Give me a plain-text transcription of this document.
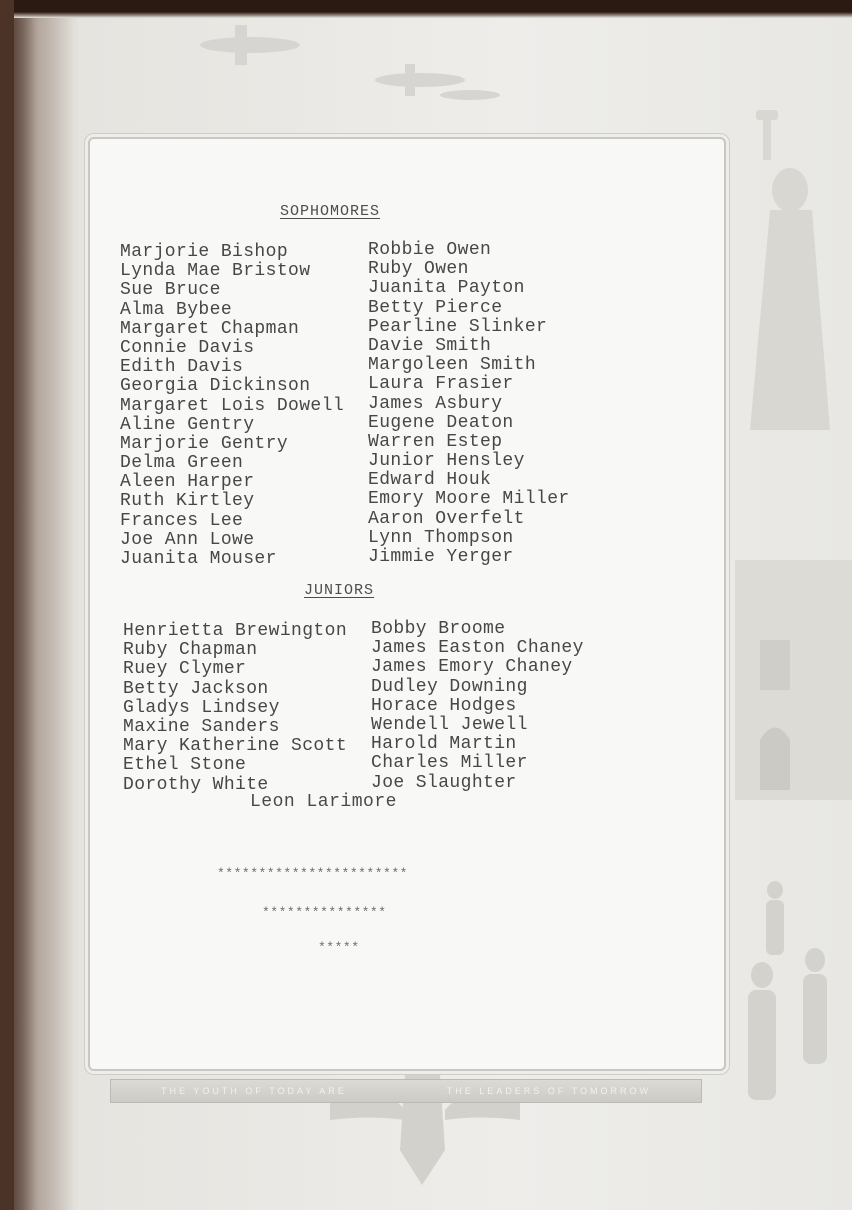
THE YOUTH OF TODAY ARE	THE LEADERS OF TOMORROW
SOPHOMORES
Marjorie Bishop
Lynda Mae Bristow
Sue Bruce
Alma Bybee
Margaret Chapman
Connie Davis
Edith Davis
Georgia Dickinson
Margaret Lois Dowell
Aline Gentry
Marjorie Gentry
Delma Green
Aleen Harper
Ruth Kirtley
Frances Lee
Joe Ann Lowe
Juanita Mouser
Robbie Owen
Ruby Owen
Juanita Payton
Betty Pierce
Pearline Slinker
Davie Smith
Margoleen Smith
Laura Frasier
James Asbury
Eugene Deaton
Warren Estep
Junior Hensley
Edward Houk
Emory Moore Miller
Aaron Overfelt
Lynn Thompson
Jimmie Yerger
JUNIORS
Henrietta Brewington
Ruby Chapman
Ruey Clymer
Betty Jackson
Gladys Lindsey
Maxine Sanders
Mary Katherine Scott
Ethel Stone
Dorothy White
Bobby Broome
James Easton Chaney
James Emory Chaney
Dudley Downing
Horace Hodges
Wendell Jewell
Harold Martin
Charles Miller
Joe Slaughter
Leon Larimore
***********************
***************
*****
